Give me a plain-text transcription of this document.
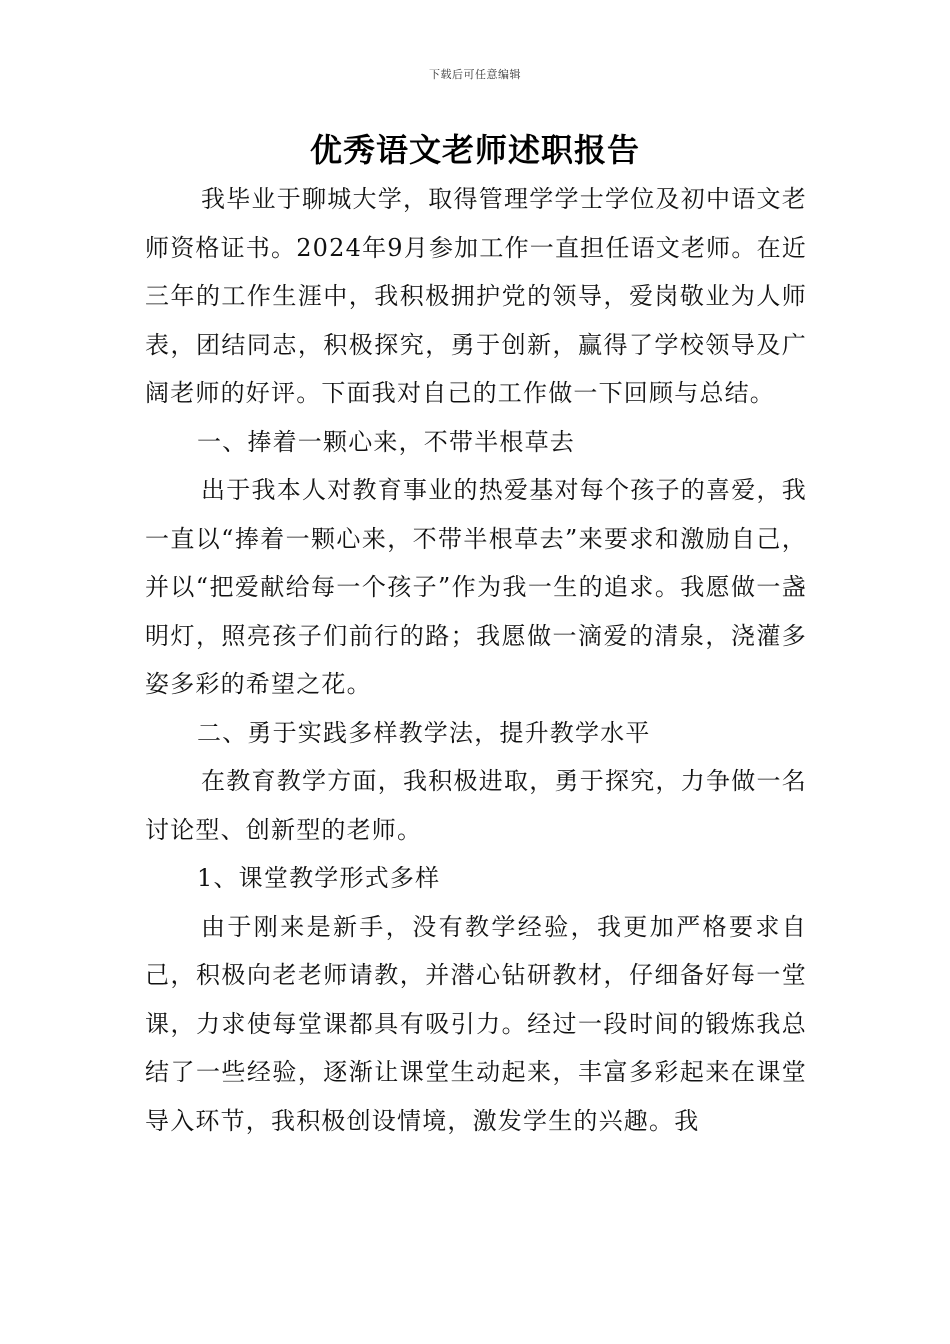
下载后可任意编辑
优秀语文老师述职报告

我毕业于聊城大学，取得管理学学士学位及初中语文老师资格证书。2024年9月参加工作一直担任语文老师。在近三年的工作生涯中，我积极拥护党的领导，爱岗敬业为人师表，团结同志，积极探究，勇于创新，赢得了学校领导及广阔老师的好评。下面我对自己的工作做一下回顾与总结。

一、捧着一颗心来，不带半根草去

出于我本人对教育事业的热爱基对每个孩子的喜爱，我一直以“捧着一颗心来，不带半根草去”来要求和激励自己，并以“把爱献给每一个孩子”作为我一生的追求。我愿做一盏明灯，照亮孩子们前行的路；我愿做一滴爱的清泉，浇灌多姿多彩的希望之花。

二、勇于实践多样教学法，提升教学水平

在教育教学方面，我积极进取，勇于探究，力争做一名讨论型、创新型的老师。

1、课堂教学形式多样

由于刚来是新手，没有教学经验，我更加严格要求自己，积极向老老师请教，并潜心钻研教材，仔细备好每一堂课，力求使每堂课都具有吸引力。经过一段时间的锻炼我总结了一些经验，逐渐让课堂生动起来，丰富多彩起来在课堂导入环节，我积极创设情境，激发学生的兴趣。我
